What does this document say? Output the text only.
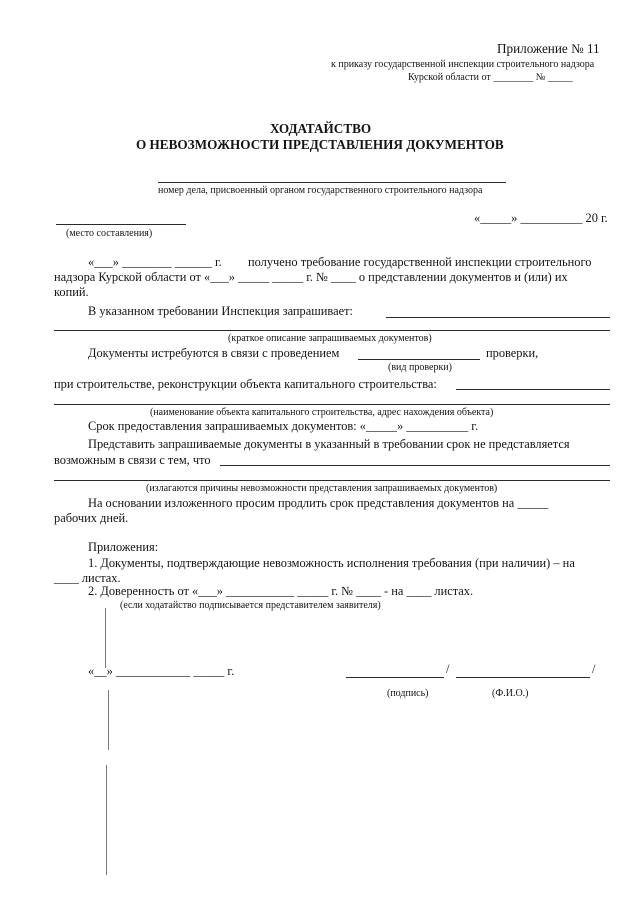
Приложение № 11
к приказу государственной инспекции строительного надзора
Курской области от ________ № _____
ХОДАТАЙСТВО
О НЕВОЗМОЖНОСТИ ПРЕДСТАВЛЕНИЯ ДОКУМЕНТОВ
номер дела, присвоенный органом государственного строительного надзора
(место составления)
«_____» __________ 20 г.
«___» ________ ______ г. получено требование государственной инспекции строительного
надзора Курской области от «___» _____ _____ г. № ____ о представлении документов и (или) их
копий.
В указанном требовании Инспекция запрашивает:
(краткое описание запрашиваемых документов)
Документы истребуются в связи с проведением	проверки,
(вид проверки)
при строительстве, реконструкции объекта капитального строительства:
(наименование объекта капитального строительства, адрес нахождения объекта)
Срок предоставления запрашиваемых документов: «_____» __________ г.
Представить запрашиваемые документы в указанный в требовании срок не представляется
возможным в связи с тем, что
(излагаются причины невозможности представления запрашиваемых документов)
На основании изложенного просим продлить срок представления документов на _____
рабочих дней.
Приложения:
1. Документы, подтверждающие невозможность исполнения требования (при наличии) – на
____ листах.
2. Доверенность от «___» ___________ _____ г. № ____ - на ____ листах.
(если ходатайство подписывается представителем заявителя)
«__» ____________ _____ г.	/	/
(подпись)	(Ф.И.О.)
